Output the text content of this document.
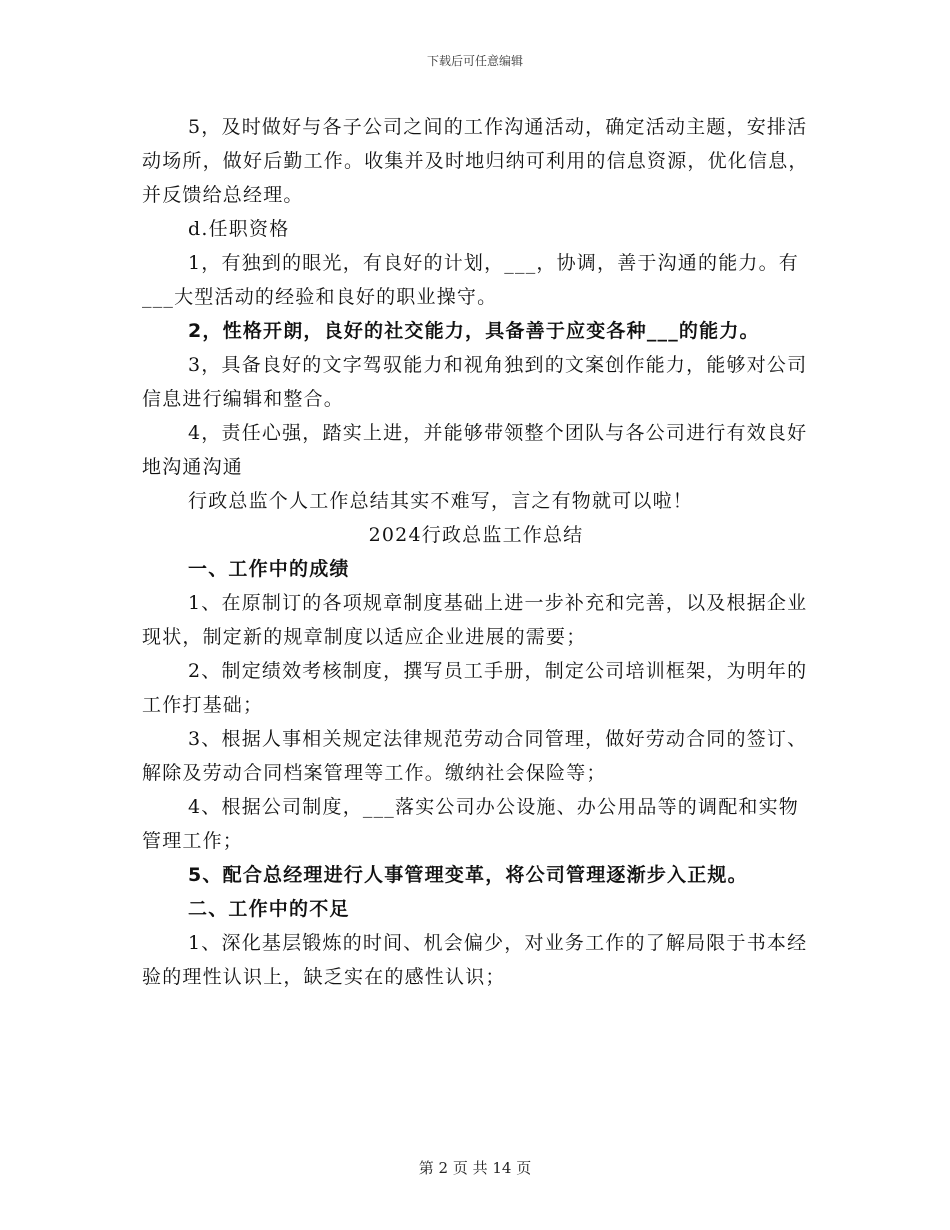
下载后可任意编辑

5，及时做好与各子公司之间的工作沟通活动，确定活动主题，安排活动场所，做好后勤工作。收集并及时地归纳可利用的信息资源，优化信息，并反馈给总经理。

d.任职资格

1，有独到的眼光，有良好的计划，___，协调，善于沟通的能力。有___大型活动的经验和良好的职业操守。

2，性格开朗，良好的社交能力，具备善于应变各种___的能力。

3，具备良好的文字驾驭能力和视角独到的文案创作能力，能够对公司信息进行编辑和整合。

4，责任心强，踏实上进，并能够带领整个团队与各公司进行有效良好地沟通沟通

行政总监个人工作总结其实不难写，言之有物就可以啦！

2024行政总监工作总结

一、工作中的成绩

1、在原制订的各项规章制度基础上进一步补充和完善，以及根据企业现状，制定新的规章制度以适应企业进展的需要；

2、制定绩效考核制度，撰写员工手册，制定公司培训框架，为明年的工作打基础；

3、根据人事相关规定法律规范劳动合同管理，做好劳动合同的签订、解除及劳动合同档案管理等工作。缴纳社会保险等；

4、根据公司制度，___落实公司办公设施、办公用品等的调配和实物管理工作；

5、配合总经理进行人事管理变革，将公司管理逐渐步入正规。

二、工作中的不足

1、深化基层锻炼的时间、机会偏少，对业务工作的了解局限于书本经验的理性认识上，缺乏实在的感性认识；

第 2 页 共 14 页
